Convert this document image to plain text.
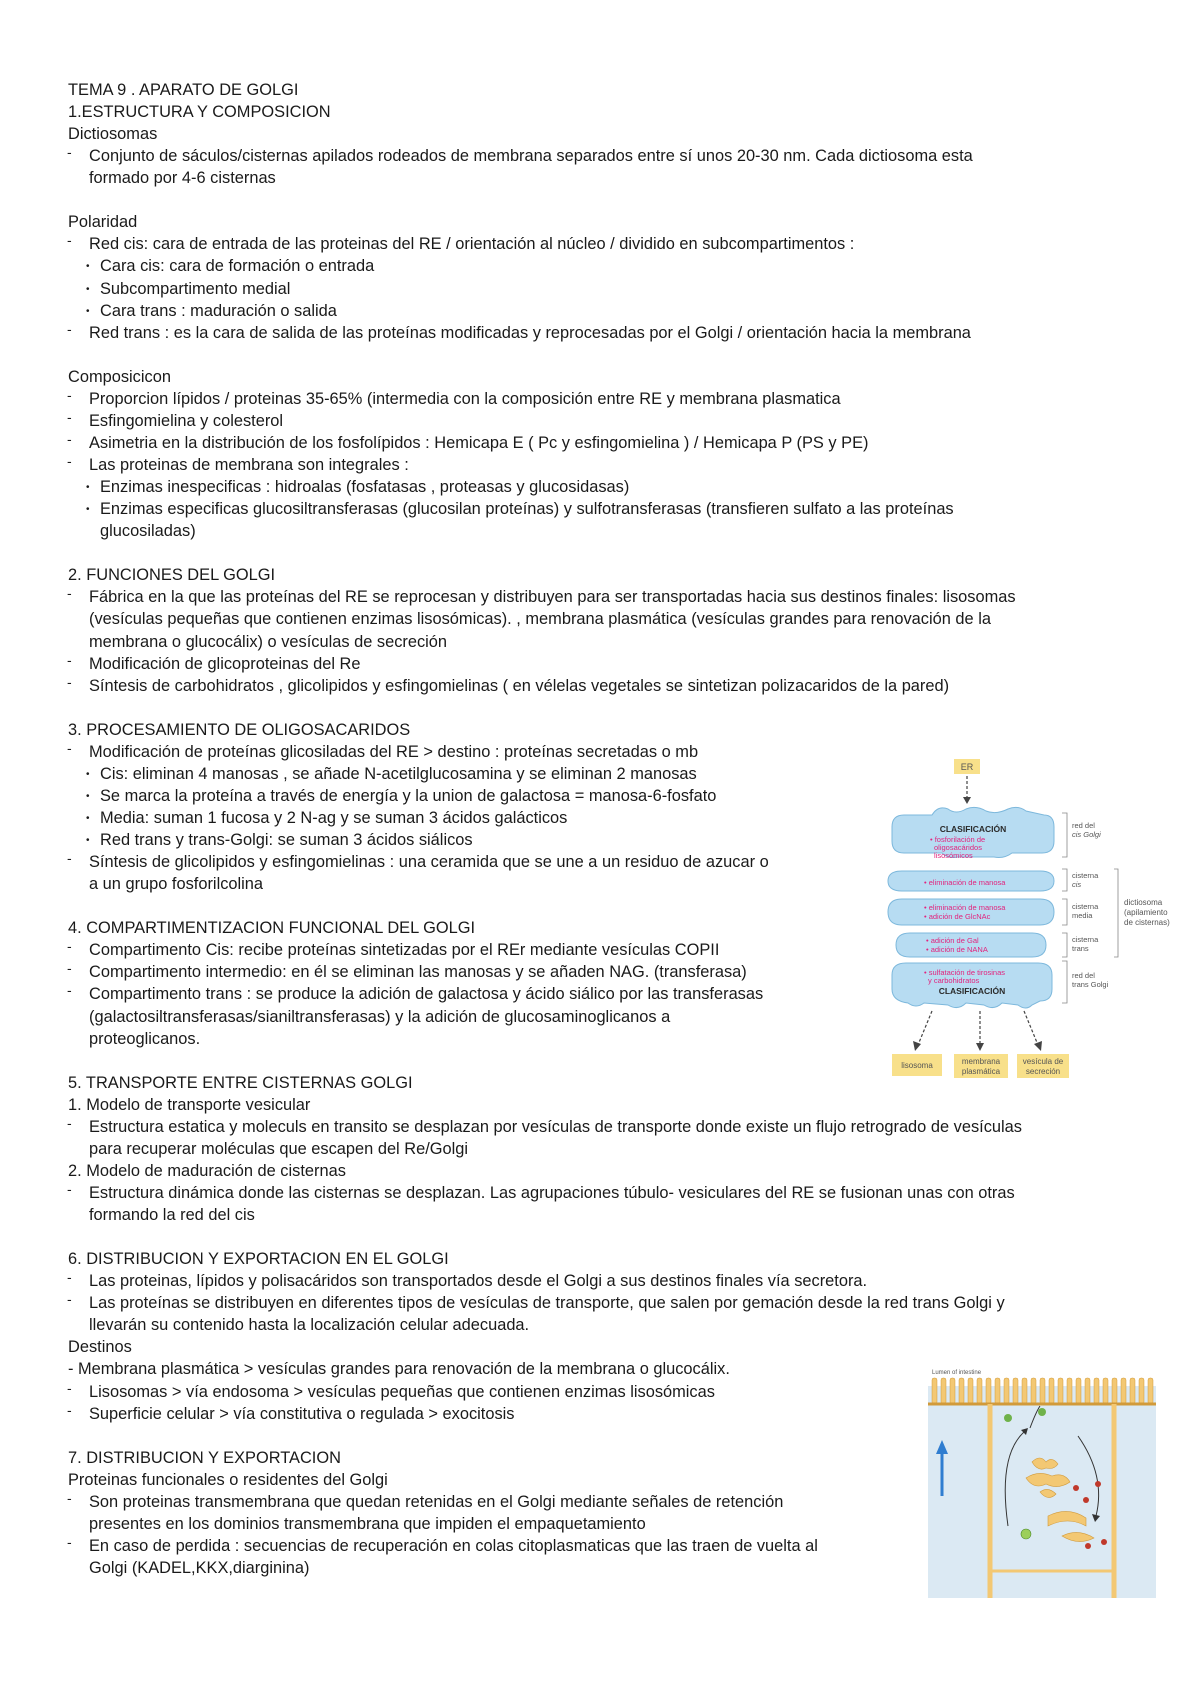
TEMA 9 . APARATO DE GOLGI
1.ESTRUCTURA Y COMPOSICION
Dictiosomas
- Conjunto de sáculos/cisternas apilados rodeados de membrana separados entre sí unos 20-30 nm. Cada dictiosoma esta
formado por 4-6 cisternas
Polaridad
- Red cis: cara de entrada de las proteinas del RE / orientación al núcleo / dividido en subcompartimentos :
• Cara cis: cara de formación o entrada
• Subcompartimento medial
• Cara trans : maduración o salida
- Red trans : es la cara de salida de las proteínas modificadas y reprocesadas por el Golgi / orientación hacia la membrana
Composicicon
- Proporcion lípidos / proteinas 35-65% (intermedia con la composición entre RE y membrana plasmatica
- Esfingomielina y colesterol
- Asimetria en la distribución de los fosfolípidos : Hemicapa E ( Pc y esfingomielina ) / Hemicapa P (PS y PE)
- Las proteinas de membrana son integrales :
• Enzimas inespecificas : hidroalas (fosfatasas , proteasas y glucosidasas)
• Enzimas especificas glucosiltransferasas (glucosilan proteínas) y sulfotransferasas (transfieren sulfato a las proteínas
glucosiladas)
2. FUNCIONES DEL GOLGI
- Fábrica en la que las proteínas del RE se reprocesan y distribuyen para ser transportadas hacia sus destinos finales: lisosomas
(vesículas pequeñas que contienen enzimas lisosómicas). , membrana plasmática (vesículas grandes para renovación de la
membrana o glucocálix) o vesículas de secreción
- Modificación de glicoproteinas del Re
- Síntesis de carbohidratos , glicolipidos y esfingomielinas ( en vélelas vegetales se sintetizan polizacaridos de la pared)
3. PROCESAMIENTO DE OLIGOSACARIDOS
- Modificación de proteínas glicosiladas del RE > destino : proteínas secretadas o mb
• Cis: eliminan 4 manosas , se añade N-acetilglucosamina y se eliminan 2 manosas
• Se marca la proteína a través de energía y la union de galactosa = manosa-6-fosfato
• Media: suman 1 fucosa y 2 N-ag y se suman 3 ácidos galácticos
• Red trans y trans-Golgi: se suman 3 ácidos siálicos
- Síntesis de glicolipidos y esfingomielinas : una ceramida que se une a un residuo de azucar o
a un grupo fosforilcolina
4. COMPARTIMENTIZACION FUNCIONAL DEL GOLGI
- Compartimento Cis: recibe proteínas sintetizadas por el REr mediante vesículas COPII
- Compartimento intermedio: en él se eliminan las manosas y se añaden NAG. (transferasa)
- Compartimento trans : se produce la adición de galactosa y ácido siálico por las transferasas
(galactosiltransferasas/sianiltransferasas) y la adición de glucosaminoglicanos a
proteoglicanos.
5. TRANSPORTE ENTRE CISTERNAS GOLGI
1. Modelo de transporte vesicular
- Estructura estatica y moleculs en transito se desplazan por vesículas de transporte donde existe un flujo retrogrado de vesículas
para recuperar moléculas que escapen del Re/Golgi
2. Modelo de maduración de cisternas
- Estructura dinámica donde las cisternas se desplazan. Las agrupaciones túbulo- vesiculares del RE se fusionan unas con otras
formando la red del cis
6. DISTRIBUCION Y EXPORTACION EN EL GOLGI
- Las proteinas, lípidos y polisacáridos son transportados desde el Golgi a sus destinos finales vía secretora.
- Las proteínas se distribuyen en diferentes tipos de vesículas de transporte, que salen por gemación desde la red trans Golgi y
llevarán su contenido hasta la localización celular adecuada.
Destinos
- Membrana plasmática > vesículas grandes para renovación de la membrana o glucocálix.
- Lisosomas > vía endosoma > vesículas pequeñas que contienen enzimas lisosómicas
- Superficie celular > vía constitutiva o regulada > exocitosis
7. DISTRIBUCION Y EXPORTACION
Proteinas funcionales o residentes del Golgi
- Son proteinas transmembrana que quedan retenidas en el Golgi mediante señales de retención
presentes en los dominios transmembrana que impiden el empaquetamiento
- En caso de perdida : secuencias de recuperación en colas citoplasmaticas que las traen de vuelta al
Golgi (KADEL,KKX,diarginina)
ER
CLASIFICACIÓN
• fosforilación de
oligosacáridos
lisosómicos
• eliminación de manosa
• eliminación de manosa
• adición de GlcNAc
• adición de Gal
• adición de NANA
• sulfatación de tirosinas
y carbohidratos
CLASIFICACIÓN
lisosoma	membrana
plasmática
vesícula de
secreción
red del
cis Golgi
cisterna
cis
cisterna
media
cisterna
trans
red del
trans Golgi
dictiosoma
(apilamiento
de cisternas)
Lumen of intestine
